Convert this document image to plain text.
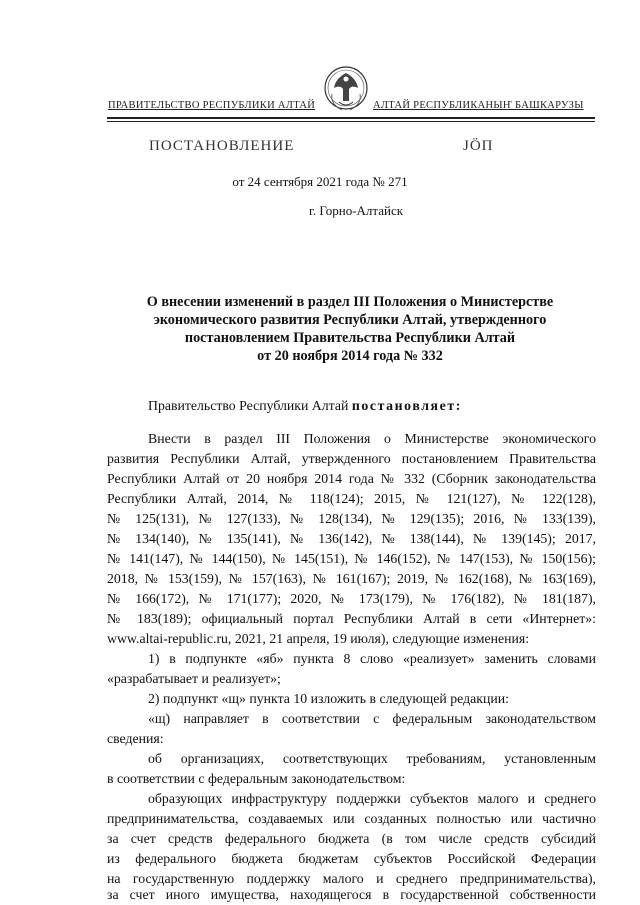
ПРАВИТЕЛЬСТВО РЕСПУБЛИКИ АЛТАЙ	АЛТАЙ РЕСПУБЛИКАНЫҤ БАШКАРУЗЫ
ПОСТАНОВЛЕНИЕ	ЈӦП
от 24 сентября 2021 года № 271
г. Горно-Алтайск
О внесении изменений в раздел III Положения о Министерстве
экономического развития Республики Алтай, утвержденного
постановлением Правительства Республики Алтай
от 20 ноября 2014 года № 332
Правительство Республики Алтай постановляет:
Внести в раздел III Положения о Министерстве экономического
развития Республики Алтай, утвержденного постановлением Правительства
Республики Алтай от 20 ноября 2014 года № 332 (Сборник законодательства
Республики Алтай, 2014, № 118(124); 2015, № 121(127), № 122(128),
№ 125(131), № 127(133), № 128(134), № 129(135); 2016, № 133(139),
№ 134(140), № 135(141), № 136(142), № 138(144), № 139(145); 2017,
№ 141(147), № 144(150), № 145(151), № 146(152), № 147(153), № 150(156);
2018, № 153(159), № 157(163), № 161(167); 2019, № 162(168), № 163(169),
№ 166(172), № 171(177); 2020, № 173(179), № 176(182), № 181(187),
№ 183(189); официальный портал Республики Алтай в сети «Интернет»:
www.altai-republic.ru, 2021, 21 апреля, 19 июля), следующие изменения:
1) в подпункте «яб» пункта 8 слово «реализует» заменить словами
«разрабатывает и реализует»;
2) подпункт «щ» пункта 10 изложить в следующей редакции:
«щ) направляет в соответствии с федеральным законодательством
сведения:
об организациях, соответствующих требованиям, установленным
в соответствии с федеральным законодательством:
образующих инфраструктуру поддержки субъектов малого и среднего
предпринимательства, создаваемых или созданных полностью или частично
за счет средств федерального бюджета (в том числе средств субсидий
из федерального бюджета бюджетам субъектов Российской Федерации
на государственную поддержку малого и среднего предпринимательства),
за счет иного имущества, находящегося в государственной собственности
